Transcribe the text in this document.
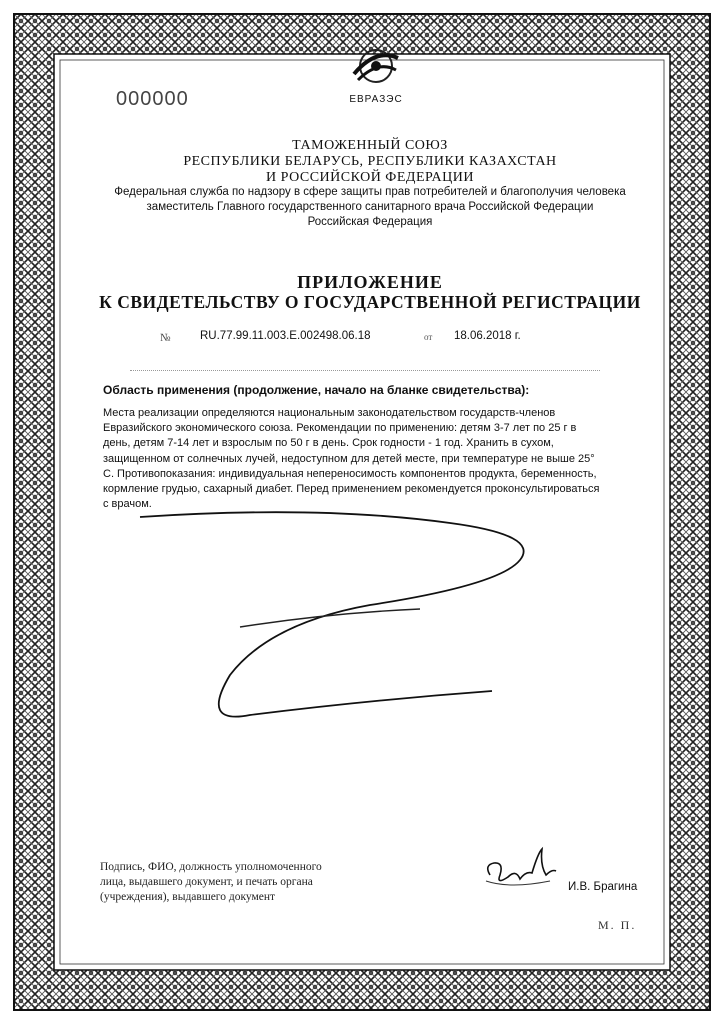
000000	ЕВРАЗЭС
ТАМОЖЕННЫЙ СОЮЗ
РЕСПУБЛИКИ БЕЛАРУСЬ, РЕСПУБЛИКИ КАЗАХСТАН
И РОССИЙСКОЙ ФЕДЕРАЦИИ
Федеральная служба по надзору в сфере защиты прав потребителей и благополучия человека
заместитель Главного государственного санитарного врача Российской Федерации
Российская Федерация
ПРИЛОЖЕНИЕ
К СВИДЕТЕЛЬСТВУ О ГОСУДАРСТВЕННОЙ РЕГИСТРАЦИИ
№	RU.77.99.11.003.E.002498.06.18	от 18.06.2018 г.
Область применения (продолжение, начало на бланке свидетельства):
Места реализации определяются национальным законодательством государств-членов
Евразийского экономического союза. Рекомендации по применению: детям 3-7 лет по 25 г в
день, детям 7-14 лет и взрослым по 50 г в день. Срок годности - 1 год. Хранить в сухом,
защищенном от солнечных лучей, недоступном для детей месте, при температуре не выше 25°
С. Противопоказания: индивидуальная непереносимость компонентов продукта, беременность,
кормление грудью, сахарный диабет. Перед применением рекомендуется проконсультироваться
с врачом.
Подпись, ФИО, должность уполномоченного
лица, выдавшего документ, и печать органа
(учреждения), выдавшего документ
И.В. Брагина
М. П.
